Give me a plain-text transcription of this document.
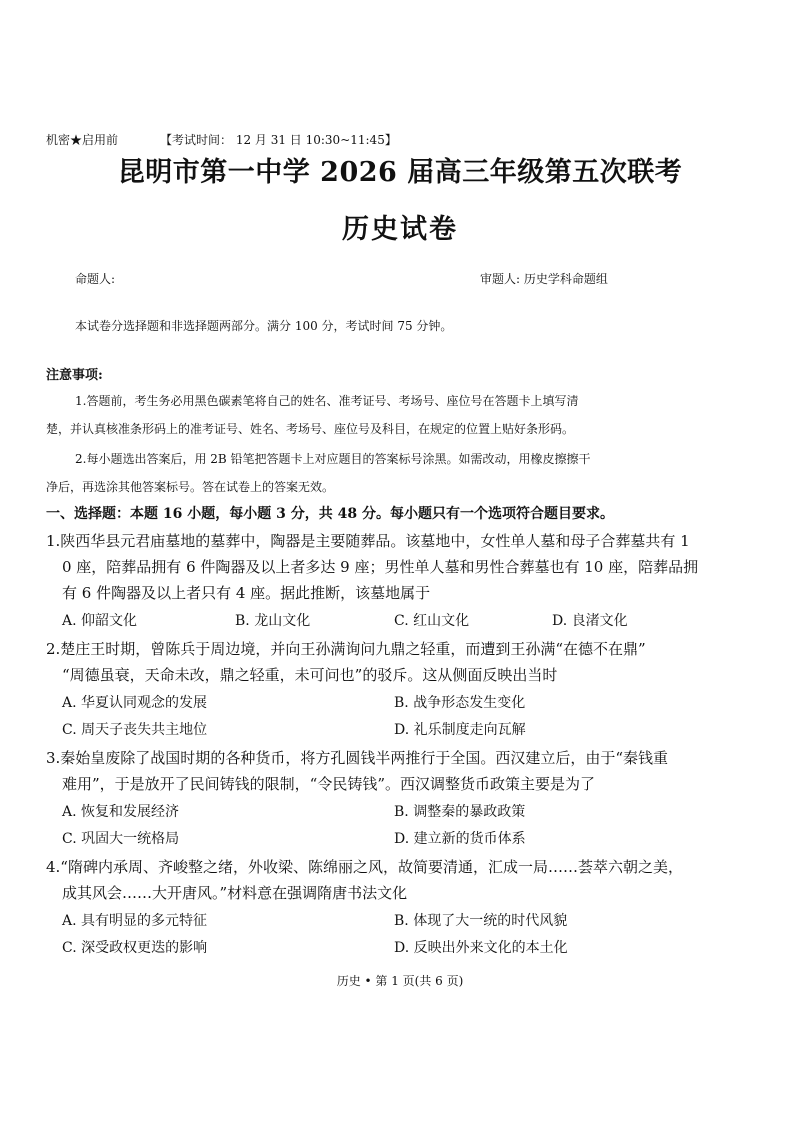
机密★启用前	【考试时间： 12 月 31 日 10:30~11:45】
昆明市第一中学 2026 届高三年级第五次联考
历史试卷
命题人:	审题人: 历史学科命题组
本试卷分选择题和非选择题两部分。满分 100 分，考试时间 75 分钟。
注意事项:
1.答题前，考生务必用黑色碳素笔将自己的姓名、准考证号、考场号、座位号在答题卡上填写清
楚，并认真核准条形码上的准考证号、姓名、考场号、座位号及科目，在规定的位置上贴好条形码。
2.每小题选出答案后，用 2B 铅笔把答题卡上对应题目的答案标号涂黑。如需改动，用橡皮擦擦干
净后，再选涂其他答案标号。答在试卷上的答案无效。
一、选择题：本题 16 小题，每小题 3 分，共 48 分。每小题只有一个选项符合题目要求。
1.陕西华县元君庙墓地的墓葬中，陶器是主要随葬品。该墓地中，女性单人墓和母子合葬墓共有 1
0 座，陪葬品拥有 6 件陶器及以上者多达 9 座；男性单人墓和男性合葬墓也有 10 座，陪葬品拥
有 6 件陶器及以上者只有 4 座。据此推断，该墓地属于
A. 仰韶文化	B. 龙山文化	C. 红山文化	D. 良渚文化
2.楚庄王时期，曾陈兵于周边境，并向王孙满询问九鼎之轻重，而遭到王孙满“在德不在鼎”
“周德虽衰，天命未改，鼎之轻重，未可问也”的驳斥。这从侧面反映出当时
A. 华夏认同观念的发展	B. 战争形态发生变化
C. 周天子丧失共主地位	D. 礼乐制度走向瓦解
3.秦始皇废除了战国时期的各种货币，将方孔圆钱半两推行于全国。西汉建立后，由于“秦钱重
难用”，于是放开了民间铸钱的限制，“令民铸钱”。西汉调整货币政策主要是为了
A. 恢复和发展经济	B. 调整秦的暴政政策
C. 巩固大一统格局	D. 建立新的货币体系
4.“隋碑内承周、齐峻整之绪，外收梁、陈绵丽之风，故简要清通，汇成一局……荟萃六朝之美，
成其风会……大开唐风。”材料意在强调隋唐书法文化
A. 具有明显的多元特征	B. 体现了大一统的时代风貌
C. 深受政权更迭的影响	D. 反映出外来文化的本土化
历史 • 第 1 页(共 6 页)
